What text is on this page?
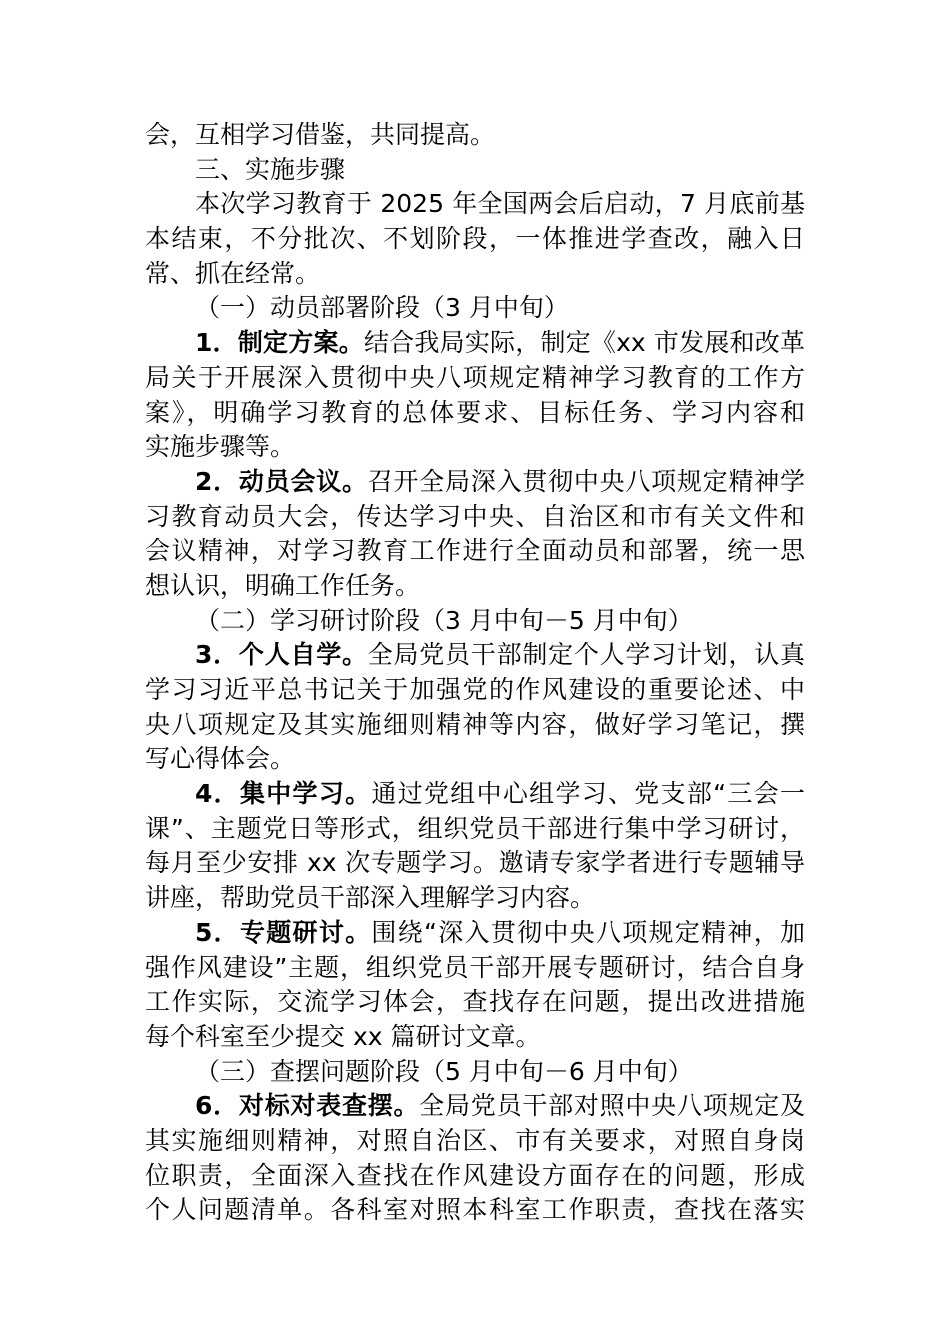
会，互相学习借鉴，共同提高。
三、实施步骤
本次学习教育于 2025 年全国两会后启动，7 月底前基
本结束，不分批次、不划阶段，一体推进学查改，融入日
常、抓在经常。
（一）动员部署阶段（3 月中旬）
1．制定方案。结合我局实际，制定《xx 市发展和改革
局关于开展深入贯彻中央八项规定精神学习教育的工作方
案》，明确学习教育的总体要求、目标任务、学习内容和
实施步骤等。
2．动员会议。召开全局深入贯彻中央八项规定精神学
习教育动员大会，传达学习中央、自治区和市有关文件和
会议精神，对学习教育工作进行全面动员和部署，统一思
想认识，明确工作任务。
（二）学习研讨阶段（3 月中旬－5 月中旬）
3．个人自学。全局党员干部制定个人学习计划，认真
学习习近平总书记关于加强党的作风建设的重要论述、中
央八项规定及其实施细则精神等内容，做好学习笔记，撰
写心得体会。
4．集中学习。通过党组中心组学习、党支部“三会一
课”、主题党日等形式，组织党员干部进行集中学习研讨，
每月至少安排 xx 次专题学习。邀请专家学者进行专题辅导
讲座，帮助党员干部深入理解学习内容。
5．专题研讨。围绕“深入贯彻中央八项规定精神，加
强作风建设”主题，组织党员干部开展专题研讨，结合自身
工作实际，交流学习体会，查找存在问题，提出改进措施
每个科室至少提交 xx 篇研讨文章。
（三）查摆问题阶段（5 月中旬－6 月中旬）
6．对标对表查摆。全局党员干部对照中央八项规定及
其实施细则精神，对照自治区、市有关要求，对照自身岗
位职责，全面深入查找在作风建设方面存在的问题，形成
个人问题清单。各科室对照本科室工作职责，查找在落实
